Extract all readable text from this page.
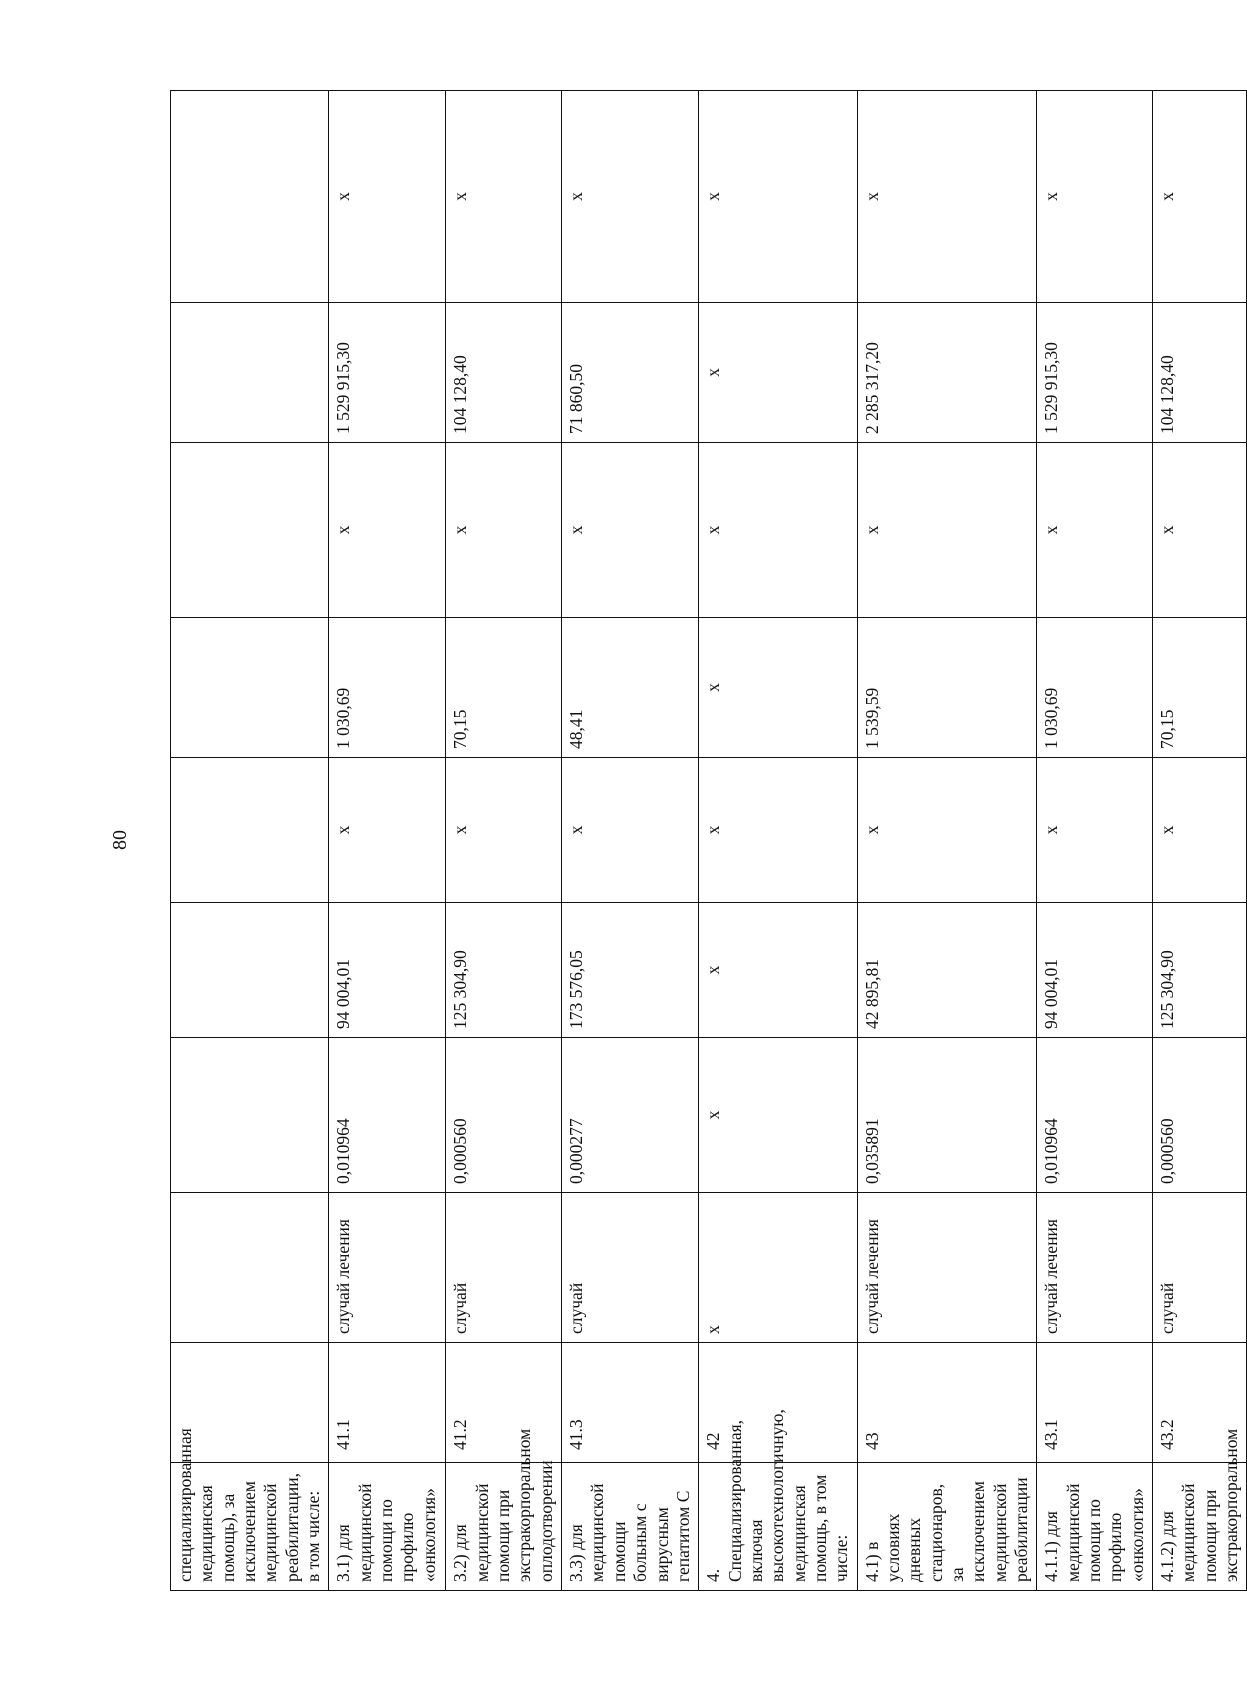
80
специализированная медицинская помощь), за исключением медицинской реабилитации, в том числе:									
3.1) для медицинской помощи по профилю «онкология»	41.1	случай лечения	0,010964	94 004,01	x	1 030,69	x	1 529 915,30	x
3.2) для медицинской помощи при экстракорпоральном оплодотворении	41.2	случай	0,000560	125 304,90	x	70,15	x	104 128,40	x
3.3) для медицинской помощи больным с вирусным гепатитом С	41.3	случай	0,000277	173 576,05	x	48,41	x	71 860,50	x
4. Специализированная, включая высокотехнологичную, медицинская помощь, в том числе:	42	x	x	x	x	x	x	x	x
4.1) в условиях дневных стационаров, за исключением медицинской реабилитации	43	случай лечения	0,035891	42 895,81	x	1 539,59	x	2 285 317,20	x
4.1.1) для медицинской помощи по профилю «онкология»	43.1	случай лечения	0,010964	94 004,01	x	1 030,69	x	1 529 915,30	x
4.1.2) для медицинской помощи при экстракорпоральном	43.2	случай	0,000560	125 304,90	x	70,15	x	104 128,40	x
